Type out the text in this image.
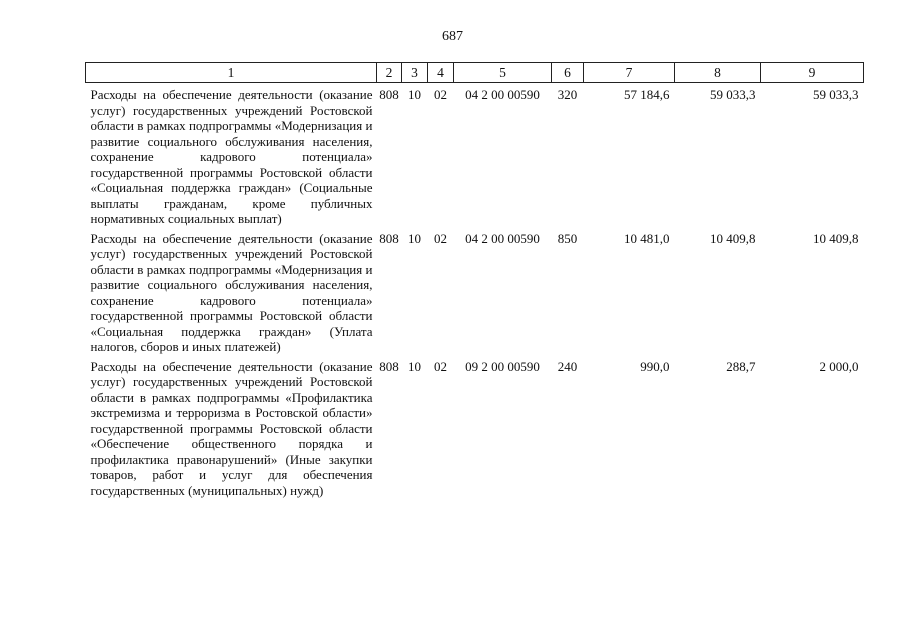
687
1	2	3	4	5	6	7	8	9
Расходы на обеспечение деятельности (оказание услуг) государственных учреждений Ростовской области в рамках подпрограммы «Модернизация и развитие социального обслуживания населения, сохранение кадрового потенциала» государственной программы Ростовской области «Социальная поддержка граждан» (Социальные выплаты гражданам, кроме публичных нормативных социальных выплат)	808	10	02	04 2 00 00590	320	57 184,6	59 033,3	59 033,3
Расходы на обеспечение деятельности (оказание услуг) государственных учреждений Ростовской области в рамках подпрограммы «Модернизация и развитие социального обслуживания населения, сохранение кадрового потенциала» государственной программы Ростовской области «Социальная поддержка граждан» (Уплата налогов, сборов и иных платежей)	808	10	02	04 2 00 00590	850	10 481,0	10 409,8	10 409,8
Расходы на обеспечение деятельности (оказание услуг) государственных учреждений Ростовской области в рамках подпрограммы «Профилактика экстремизма и терроризма в Ростовской области» государственной программы Ростовской области «Обеспечение общественного порядка и профилактика правонарушений» (Иные закупки товаров, работ и услуг для обеспечения государственных (муниципальных) нужд)	808	10	02	09 2 00 00590	240	990,0	288,7	2 000,0
